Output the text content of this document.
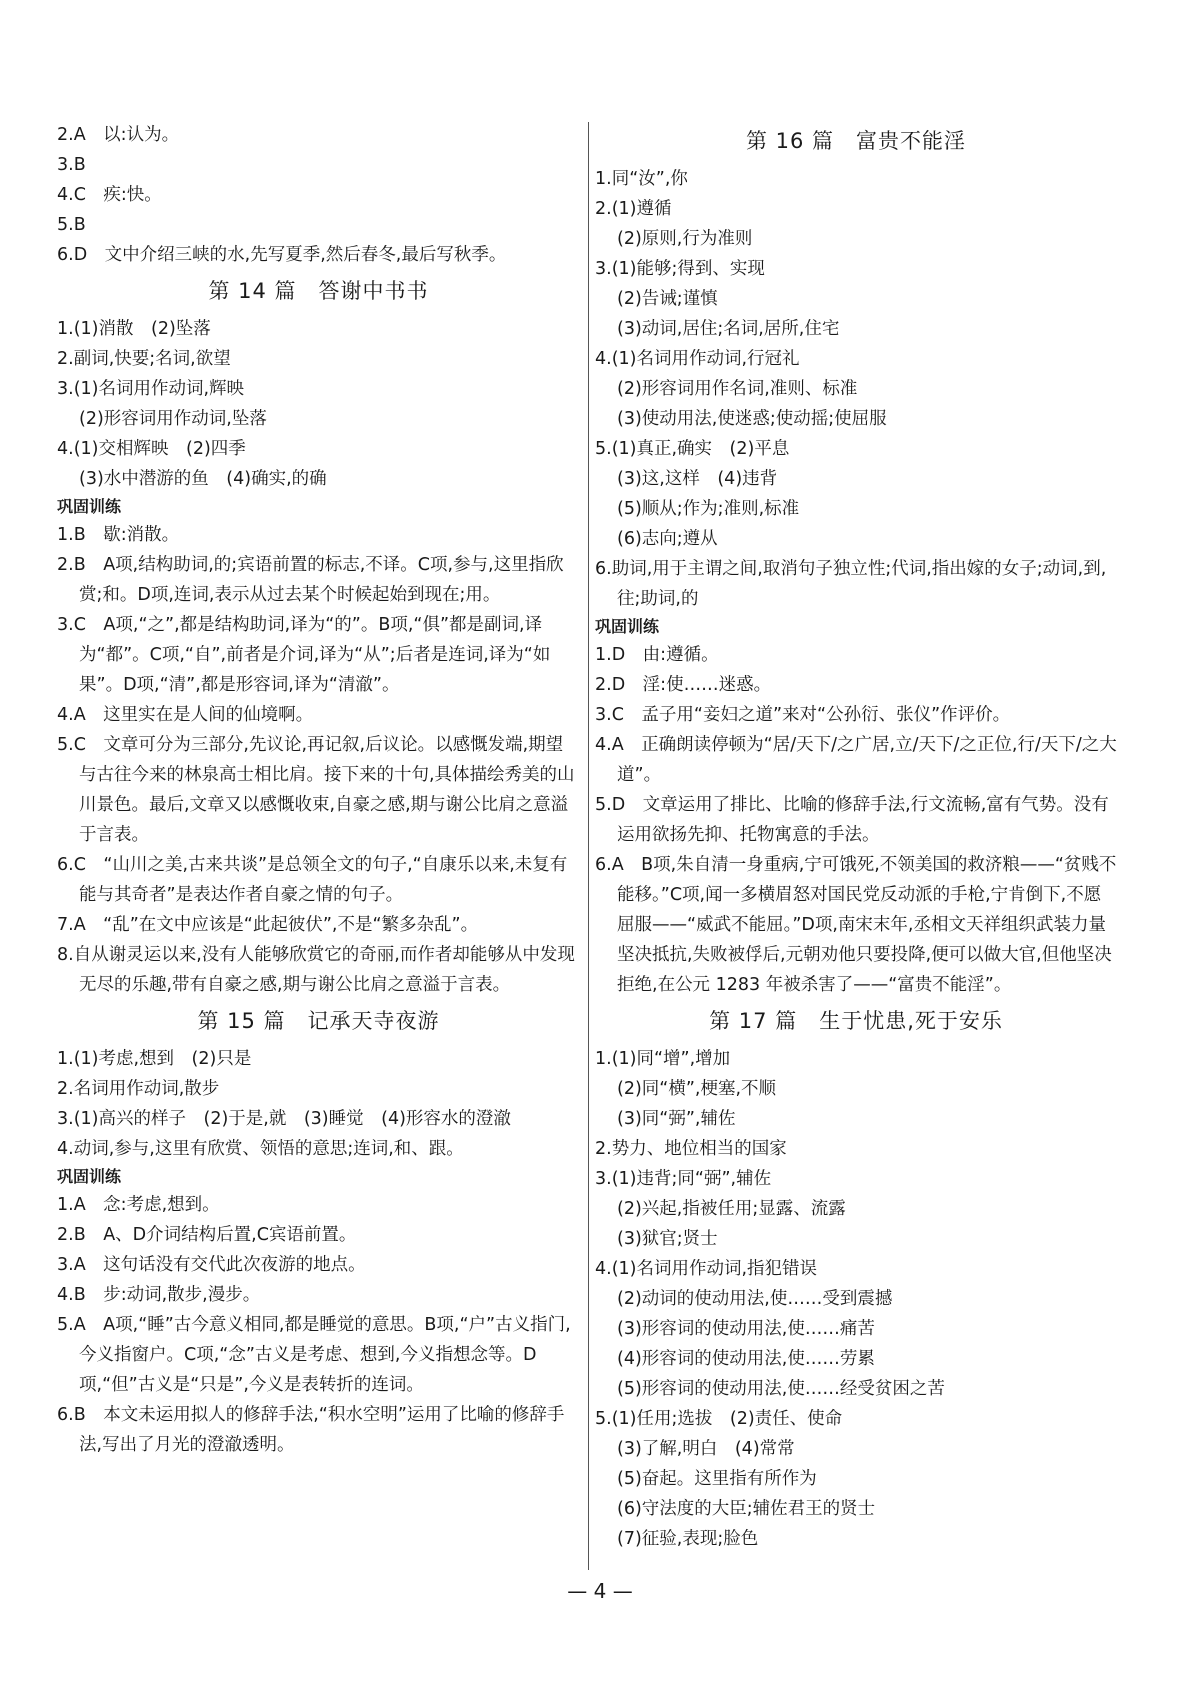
2.A　以:认为。
3.B
4.C　疾:快。
5.B
6.D　文中介绍三峡的水,先写夏季,然后春冬,最后写秋季。
第 14 篇　答谢中书书
1.(1)消散　(2)坠落
2.副词,快要;名词,欲望
3.(1)名词用作动词,辉映
(2)形容词用作动词,坠落
4.(1)交相辉映　(2)四季
(3)水中潜游的鱼　(4)确实,的确
巩固训练
1.B　歇:消散。
2.B　A项,结构助词,的;宾语前置的标志,不译。C项,参与,这里指欣赏;和。D项,连词,表示从过去某个时候起始到现在;用。
3.C　A项,“之”,都是结构助词,译为“的”。B项,“俱”都是副词,译为“都”。C项,“自”,前者是介词,译为“从”;后者是连词,译为“如果”。D项,“清”,都是形容词,译为“清澈”。
4.A　这里实在是人间的仙境啊。
5.C　文章可分为三部分,先议论,再记叙,后议论。以感慨发端,期望与古往今来的林泉高士相比肩。接下来的十句,具体描绘秀美的山川景色。最后,文章又以感慨收束,自豪之感,期与谢公比肩之意溢于言表。
6.C　“山川之美,古来共谈”是总领全文的句子,“自康乐以来,未复有能与其奇者”是表达作者自豪之情的句子。
7.A　“乱”在文中应该是“此起彼伏”,不是“繁多杂乱”。
8.自从谢灵运以来,没有人能够欣赏它的奇丽,而作者却能够从中发现无尽的乐趣,带有自豪之感,期与谢公比肩之意溢于言表。
第 15 篇　记承天寺夜游
1.(1)考虑,想到　(2)只是
2.名词用作动词,散步
3.(1)高兴的样子　(2)于是,就　(3)睡觉　(4)形容水的澄澈
4.动词,参与,这里有欣赏、领悟的意思;连词,和、跟。
巩固训练
1.A　念:考虑,想到。
2.B　A、D介词结构后置,C宾语前置。
3.A　这句话没有交代此次夜游的地点。
4.B　步:动词,散步,漫步。
5.A　A项,“睡”古今意义相同,都是睡觉的意思。B项,“户”古义指门,今义指窗户。C项,“念”古义是考虑、想到,今义指想念等。D项,“但”古义是“只是”,今义是表转折的连词。
6.B　本文未运用拟人的修辞手法,“积水空明”运用了比喻的修辞手法,写出了月光的澄澈透明。
第 16 篇　富贵不能淫
1.同“汝”,你
2.(1)遵循
(2)原则,行为准则
3.(1)能够;得到、实现
(2)告诫;谨慎
(3)动词,居住;名词,居所,住宅
4.(1)名词用作动词,行冠礼
(2)形容词用作名词,准则、标准
(3)使动用法,使迷惑;使动摇;使屈服
5.(1)真正,确实　(2)平息
(3)这,这样　(4)违背
(5)顺从;作为;准则,标准
(6)志向;遵从
6.助词,用于主谓之间,取消句子独立性;代词,指出嫁的女子;动词,到,往;助词,的
巩固训练
1.D　由:遵循。
2.D　淫:使……迷惑。
3.C　孟子用“妾妇之道”来对“公孙衍、张仪”作评价。
4.A　正确朗读停顿为“居/天下/之广居,立/天下/之正位,行/天下/之大道”。
5.D　文章运用了排比、比喻的修辞手法,行文流畅,富有气势。没有运用欲扬先抑、托物寓意的手法。
6.A　B项,朱自清一身重病,宁可饿死,不领美国的救济粮——“贫贱不能移。”C项,闻一多横眉怒对国民党反动派的手枪,宁肯倒下,不愿屈服——“威武不能屈。”D项,南宋末年,丞相文天祥组织武装力量坚决抵抗,失败被俘后,元朝劝他只要投降,便可以做大官,但他坚决拒绝,在公元 1283 年被杀害了——“富贵不能淫”。
第 17 篇　生于忧患,死于安乐
1.(1)同“增”,增加
(2)同“横”,梗塞,不顺
(3)同“弼”,辅佐
2.势力、地位相当的国家
3.(1)违背;同“弼”,辅佐
(2)兴起,指被任用;显露、流露
(3)狱官;贤士
4.(1)名词用作动词,指犯错误
(2)动词的使动用法,使……受到震撼
(3)形容词的使动用法,使……痛苦
(4)形容词的使动用法,使……劳累
(5)形容词的使动用法,使……经受贫困之苦
5.(1)任用;选拔　(2)责任、使命
(3)了解,明白　(4)常常
(5)奋起。这里指有所作为
(6)守法度的大臣;辅佐君王的贤士
(7)征验,表现;脸色
— 4 —
